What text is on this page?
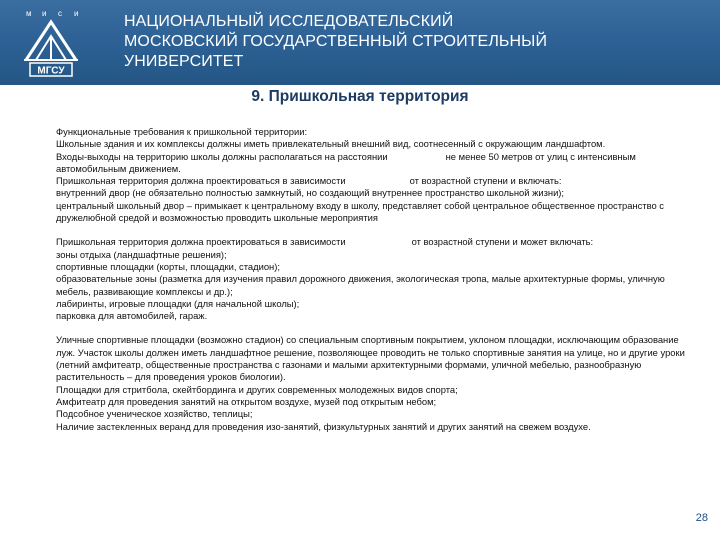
м и с и
МГСУ
НАЦИОНАЛЬНЫЙ ИССЛЕДОВАТЕЛЬСКИЙ
МОСКОВСКИЙ ГОСУДАРСТВЕННЫЙ СТРОИТЕЛЬНЫЙ
УНИВЕРСИТЕТ
9. Пришкольная территория

Функциональные требования к пришкольной территории:

Школьные здания и их комплексы должны иметь привлекательный внешний вид, соотнесенный с окружающим ландшафтом.

Входы-выходы на территорию школы должны располагаться на расстоянии	не менее 50 метров от улиц с интенсивным автомобильным движением.

Пришкольная территория должна проектироваться в зависимости	от возрастной ступени и включать:

внутренний двор (не обязательно полностью замкнутый, но создающий внутреннее пространство школьной жизни);

центральный школьный двор – примыкает к центральному входу в школу, представляет собой центральное общественное пространство с дружелюбной средой и возможностью проводить школьные мероприятия

Пришкольная территория должна проектироваться в зависимости	от возрастной ступени и может включать:

зоны отдыха (ландшафтные решения);

спортивные площадки (корты, площадки, стадион);

образовательные зоны (разметка для изучения правил дорожного движения, экологическая тропа, малые архитектурные формы, уличную мебель, развивающие комплексы и др.);

лабиринты, игровые площадки (для начальной школы);

парковка для автомобилей, гараж.

Уличные спортивные площадки (возможно стадион) со специальным спортивным покрытием, уклоном площадки, исключающим образование луж. Участок школы должен иметь ландшафтное решение, позволяющее проводить не только спортивные занятия на улице, но и другие уроки (летний амфитеатр, общественные пространства с газонами и малыми архитектурными формами, уличной мебелью, разнообразную растительность – для проведения уроков биологии).

Площадки для стритбола, скейтбординга и других современных молодежных видов спорта;

Амфитеатр для проведения занятий на открытом воздухе, музей под открытым небом;

Подсобное ученическое хозяйство, теплицы;

Наличие застекленных веранд для проведения изо-занятий, физкультурных занятий и других занятий на свежем воздухе.

28
